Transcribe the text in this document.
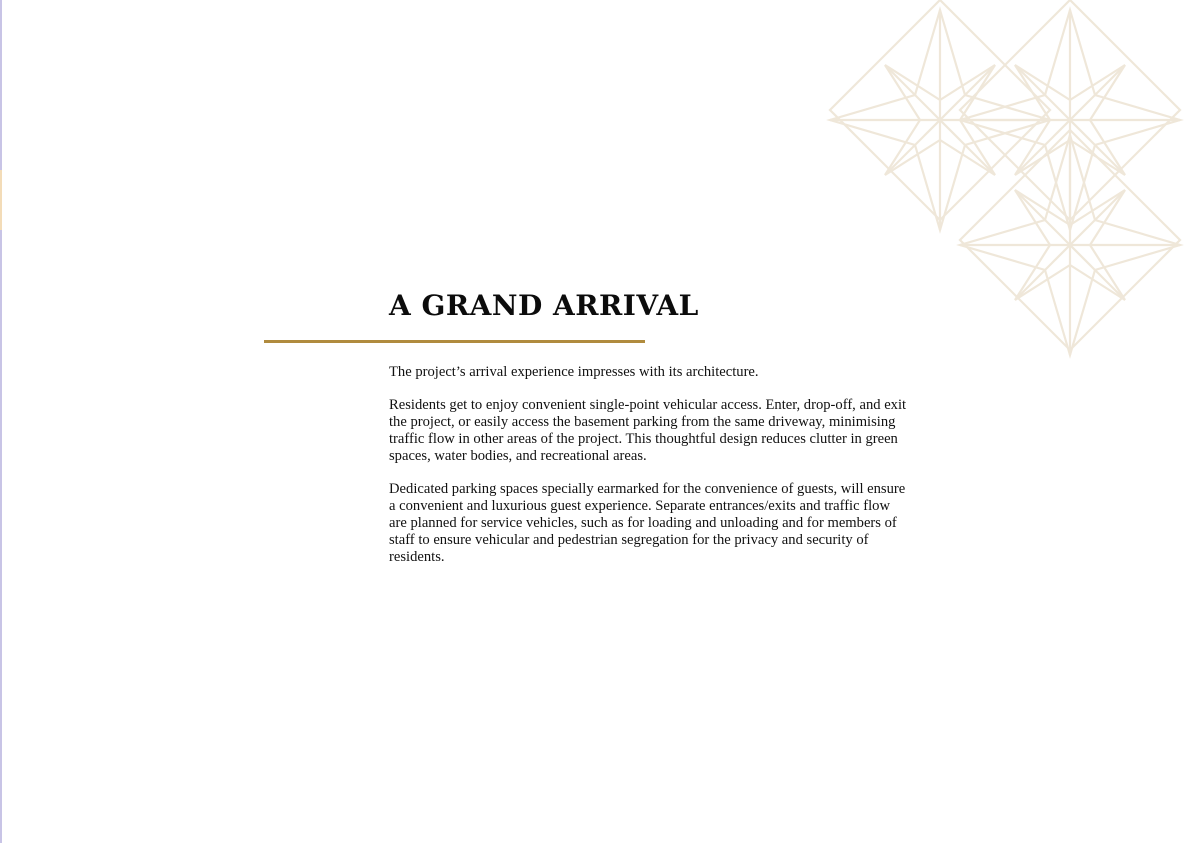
A GRAND ARRIVAL

The project’s arrival experience impresses with its architecture.

Residents get to enjoy convenient single-point vehicular access. Enter, drop-off, and exit the project, or easily access the basement parking from the same driveway, minimising traffic flow in other areas of the project. This thoughtful design reduces clutter in green spaces, water bodies, and recreational areas.

Dedicated parking spaces specially earmarked for the convenience of guests, will ensure a convenient and luxurious guest experience. Separate entrances/exits and traffic flow are planned for service vehicles, such as for loading and unloading and for members of staff to ensure vehicular and pedestrian segregation for the privacy and security of residents.
